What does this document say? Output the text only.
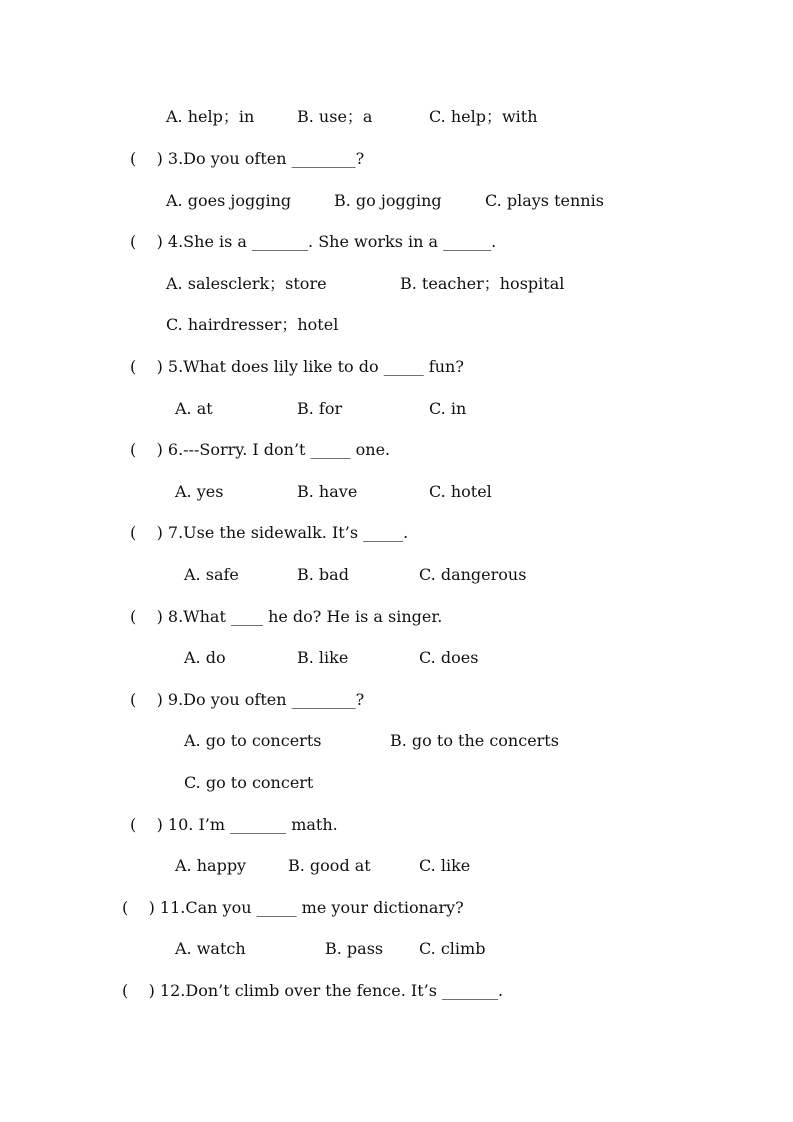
A. help；in	B. use；a	C. help；with
(    ) 3.Do you often ________?
A. goes jogging	B. go jogging	C. plays tennis
(    ) 4.She is a _______. She works in a ______.
A. salesclerk；store	B. teacher；hospital
C. hairdresser；hotel
(    ) 5.What does lily like to do _____ fun?
A. at	B. for	C. in
(    ) 6.---Sorry. I don’t _____ one.
A. yes	B. have	C. hotel
(    ) 7.Use the sidewalk. It’s _____.
A. safe	B. bad	C. dangerous
(    ) 8.What ____ he do? He is a singer.
A. do	B. like	C. does
(    ) 9.Do you often ________?
A. go to concerts	B. go to the concerts
C. go to concert
(    ) 10. I’m _______ math.
A. happy	B. good at	C. like
(    ) 11.Can you _____ me your dictionary?
A. watch	B. pass C. climb
(    ) 12.Don’t climb over the fence. It’s _______.
